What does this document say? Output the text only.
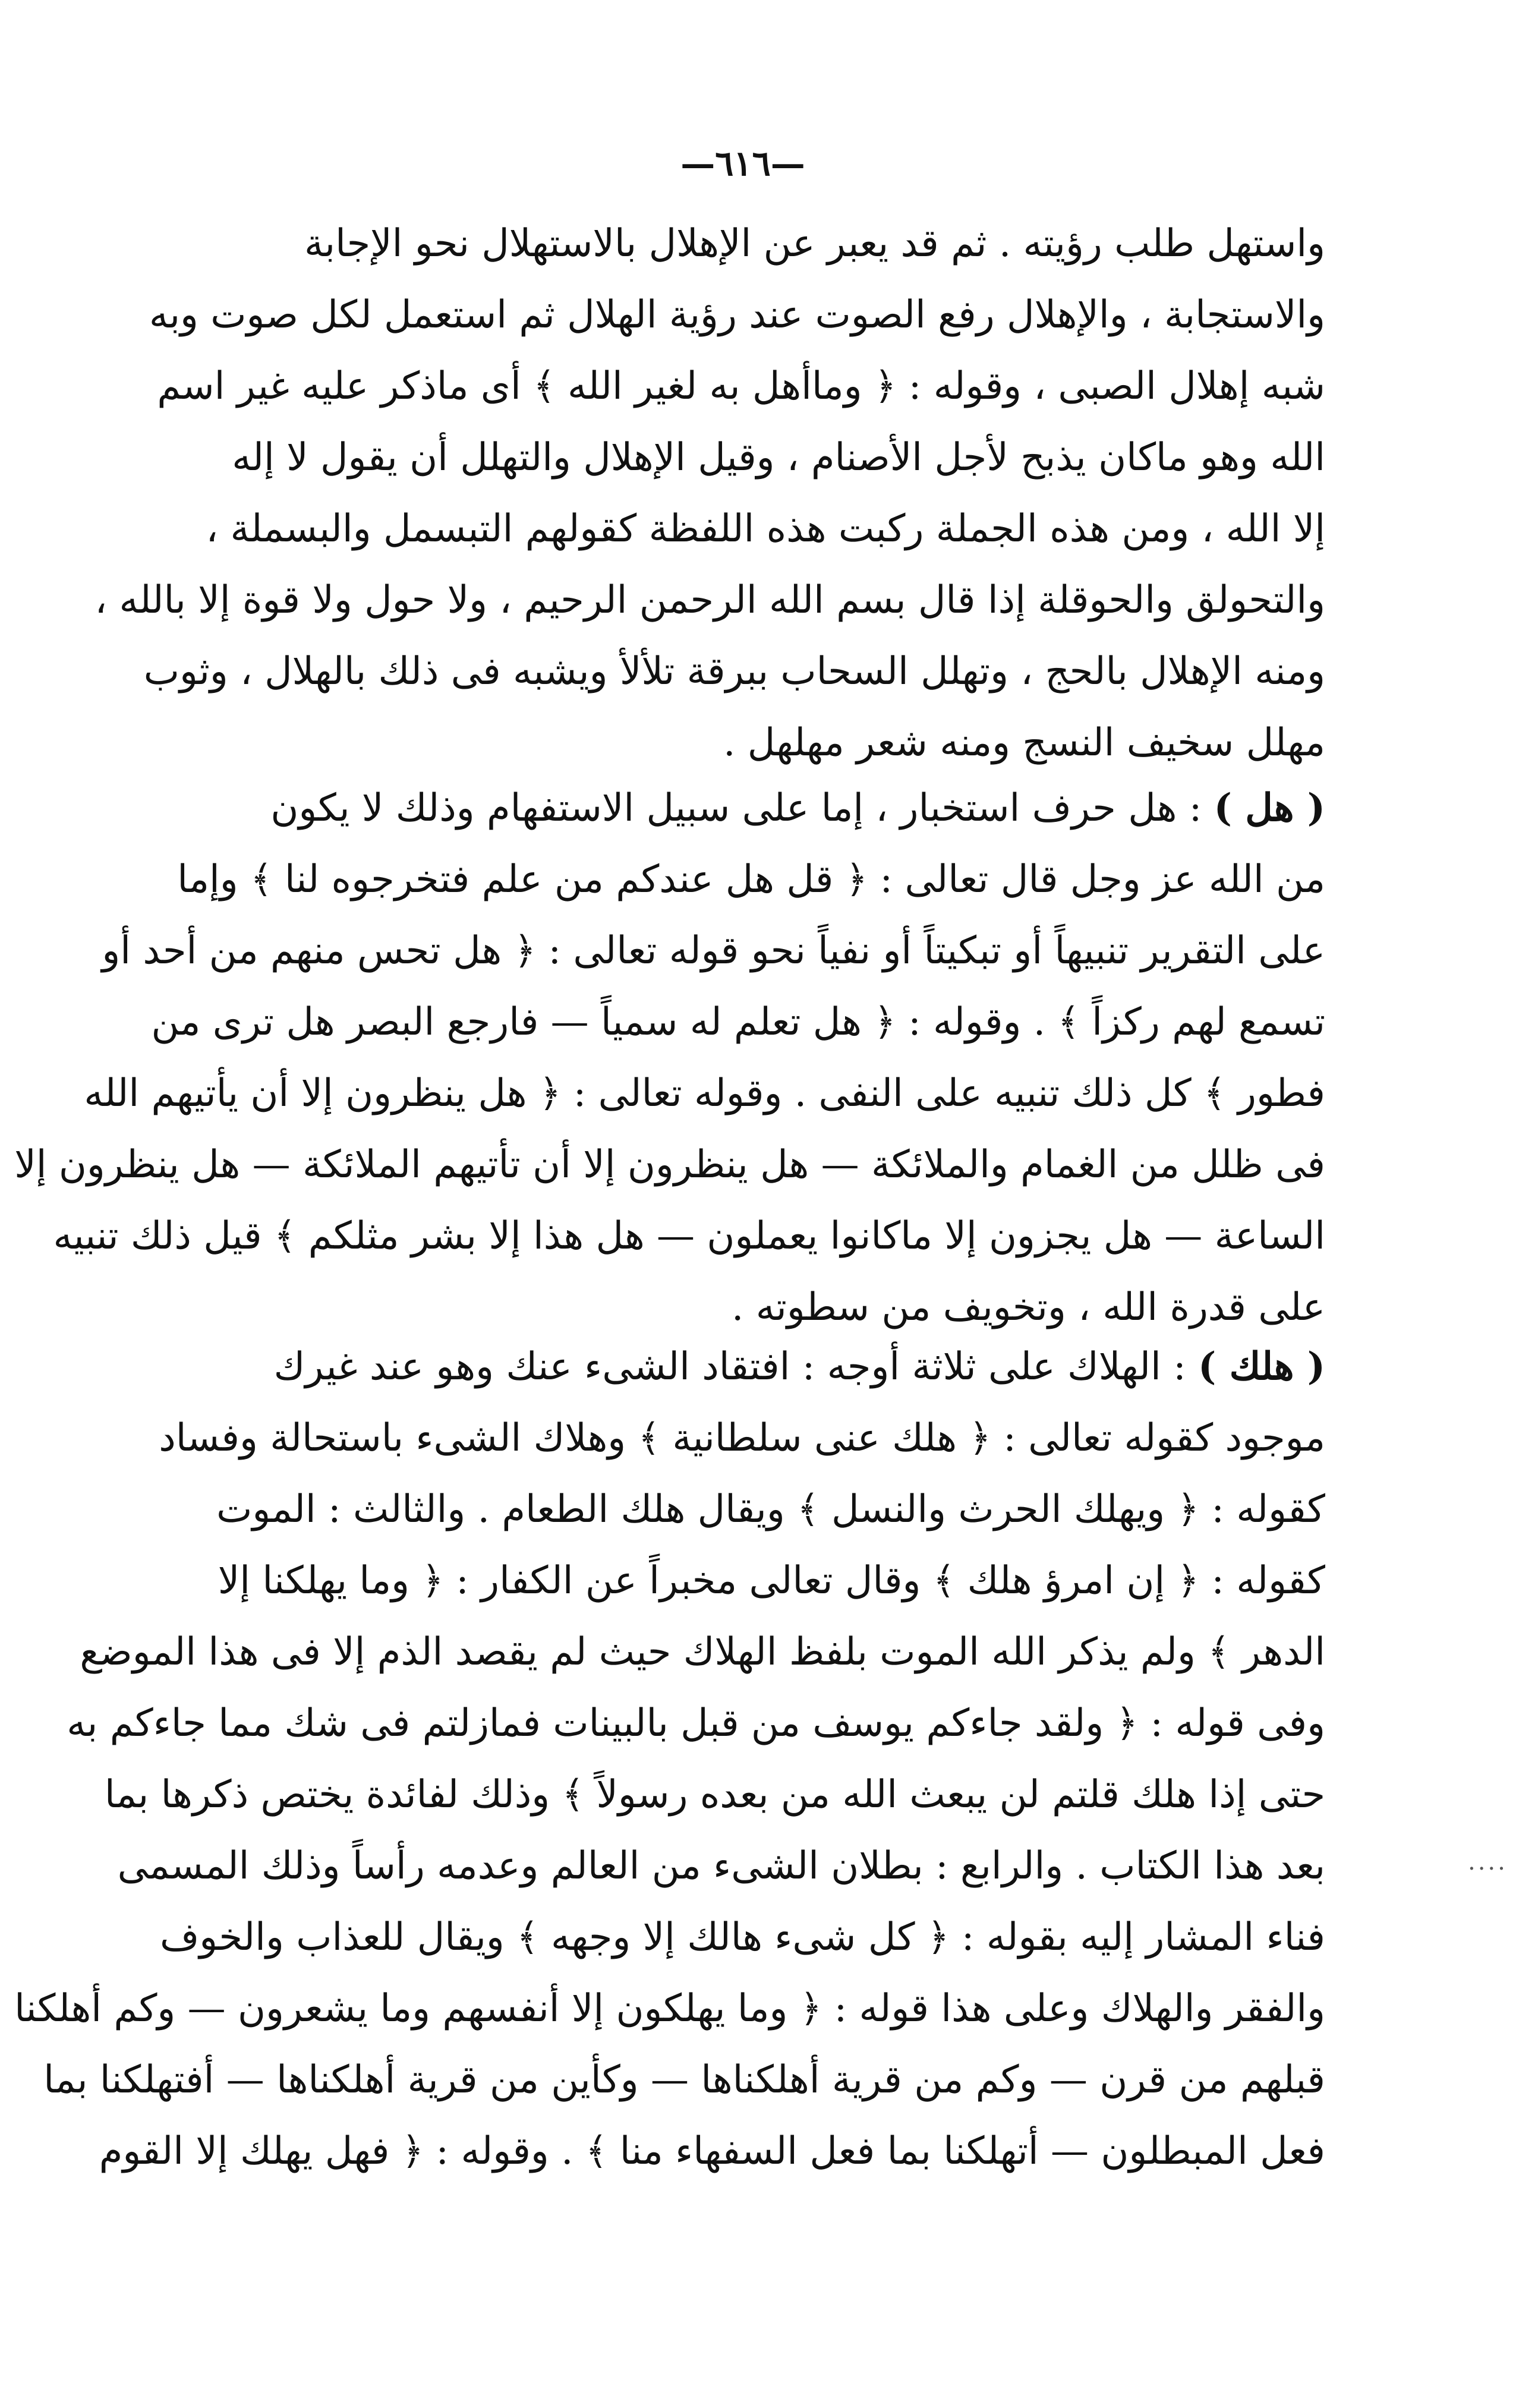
—٦١٦—
....
واستهل طلب رؤيته . ثم قد يعبر عن الإهلال بالاستهلال نحو الإجابة
والاستجابة ، والإهلال رفع الصوت عند رؤية الهلال ثم استعمل لكل صوت وبه
شبه إهلال الصبى ، وقوله : ﴿ وماأهل به لغير الله ﴾ أى ماذكر عليه غير اسم
الله وهو ماكان يذبح لأجل الأصنام ، وقيل الإهلال والتهلل أن يقول لا إله
إلا الله ، ومن هذه الجملة ركبت هذه اللفظة كقولهم التبسمل والبسملة ،
والتحولق والحوقلة إذا قال بسم الله الرحمن الرحيم ، ولا حول ولا قوة إلا بالله ،
ومنه الإهلال بالحج ، وتهلل السحاب ببرقة تلألأ ويشبه فى ذلك بالهلال ، وثوب
مهلل سخيف النسج ومنه شعر مهلهل .
( هل ) : هل حرف استخبار ، إما على سبيل الاستفهام وذلك لا يكون
من الله عز وجل قال تعالى : ﴿ قل هل عندكم من علم فتخرجوه لنا ﴾ وإما
على التقرير تنبيهاً أو تبكيتاً أو نفياً نحو قوله تعالى : ﴿ هل تحس منهم من أحد أو
تسمع لهم ركزاً ﴾ . وقوله : ﴿ هل تعلم له سمياً — فارجع البصر هل ترى من
فطور ﴾ كل ذلك تنبيه على النفى . وقوله تعالى : ﴿ هل ينظرون إلا أن يأتيهم الله
فى ظلل من الغمام والملائكة — هل ينظرون إلا أن تأتيهم الملائكة — هل ينظرون إلا
الساعة — هل يجزون إلا ماكانوا يعملون — هل هذا إلا بشر مثلكم ﴾ قيل ذلك تنبيه
على قدرة الله ، وتخويف من سطوته .
( هلك ) : الهلاك على ثلاثة أوجه : افتقاد الشىء عنك وهو عند غيرك
موجود كقوله تعالى : ﴿ هلك عنى سلطانية ﴾ وهلاك الشىء باستحالة وفساد
كقوله : ﴿ ويهلك الحرث والنسل ﴾ ويقال هلك الطعام . والثالث : الموت
كقوله : ﴿ إن امرؤ هلك ﴾ وقال تعالى مخبراً عن الكفار : ﴿ وما يهلكنا إلا
الدهر ﴾ ولم يذكر الله الموت بلفظ الهلاك حيث لم يقصد الذم إلا فى هذا الموضع
وفى قوله : ﴿ ولقد جاءكم يوسف من قبل بالبينات فمازلتم فى شك مما جاءكم به
حتى إذا هلك قلتم لن يبعث الله من بعده رسولاً ﴾ وذلك لفائدة يختص ذكرها بما
بعد هذا الكتاب . والرابع : بطلان الشىء من العالم وعدمه رأساً وذلك المسمى
فناء المشار إليه بقوله : ﴿ كل شىء هالك إلا وجهه ﴾ ويقال للعذاب والخوف
والفقر والهلاك وعلى هذا قوله : ﴿ وما يهلكون إلا أنفسهم وما يشعرون — وكم أهلكنا
قبلهم من قرن — وكم من قرية أهلكناها — وكأين من قرية أهلكناها — أفتهلكنا بما
فعل المبطلون — أتهلكنا بما فعل السفهاء منا ﴾ . وقوله : ﴿ فهل يهلك إلا القوم
